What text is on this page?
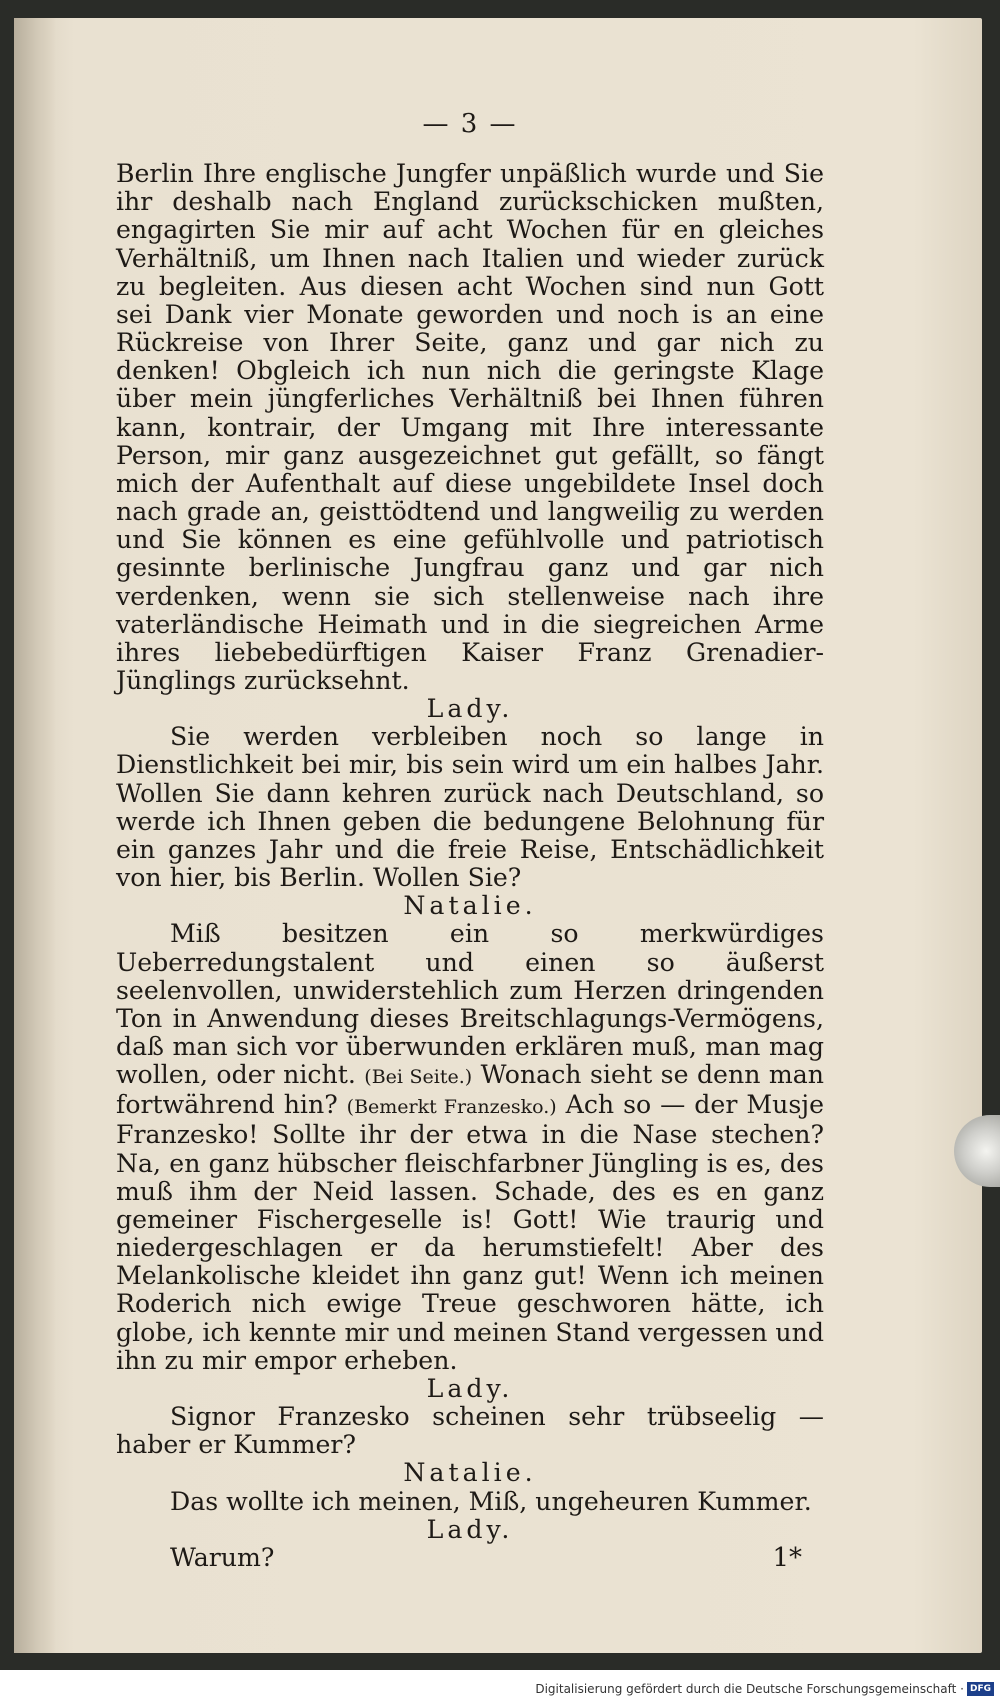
— 3 —
Berlin Ihre englische Jungfer unpäßlich wurde und Sie ihr deshalb nach England zurückschicken mußten, engagirten Sie mir auf acht Wochen für en gleiches Verhältniß, um Ihnen nach Italien und wieder zurück zu begleiten. Aus diesen acht Wochen sind nun Gott sei Dank vier Monate geworden und noch is an eine Rückreise von Ihrer Seite, ganz und gar nich zu denken! Obgleich ich nun nich die geringste Klage über mein jüngferliches Verhältniß bei Ihnen führen kann, kontrair, der Umgang mit Ihre interessante Person, mir ganz ausgezeichnet gut gefällt, so fängt mich der Aufenthalt auf diese ungebildete Insel doch nach grade an, geisttödtend und langweilig zu werden und Sie können es eine gefühlvolle und patriotisch gesinnte berlinische Jungfrau ganz und gar nich verdenken, wenn sie sich stellenweise nach ihre vaterländische Heimath und in die siegreichen Arme ihres liebebedürftigen Kaiser Franz Grenadier-Jünglings zurücksehnt.
Lady.
Sie werden verbleiben noch so lange in Dienstlichkeit bei mir, bis sein wird um ein halbes Jahr. Wollen Sie dann kehren zurück nach Deutschland, so werde ich Ihnen geben die bedungene Belohnung für ein ganzes Jahr und die freie Reise, Entschädlichkeit von hier, bis Berlin. Wollen Sie?
Natalie.
Miß besitzen ein so merkwürdiges Ueberredungstalent und einen so äußerst seelenvollen, unwiderstehlich zum Herzen dringenden Ton in Anwendung dieses Breitschlagungs-Vermögens, daß man sich vor überwunden erklären muß, man mag wollen, oder nicht. (Bei Seite.) Wonach sieht se denn man fortwährend hin? (Bemerkt Franzesko.) Ach so — der Musje Franzesko! Sollte ihr der etwa in die Nase stechen? Na, en ganz hübscher fleischfarbner Jüngling is es, des muß ihm der Neid lassen. Schade, des es en ganz gemeiner Fischergeselle is! Gott! Wie traurig und niedergeschlagen er da herumstiefelt! Aber des Melankolische kleidet ihn ganz gut! Wenn ich meinen Roderich nich ewige Treue geschworen hätte, ich globe, ich kennte mir und meinen Stand vergessen und ihn zu mir empor erheben.
Lady.
Signor Franzesko scheinen sehr trübseelig — haber er Kummer?
Natalie.
Das wollte ich meinen, Miß, ungeheuren Kummer.
Lady.
Warum?	1*
Digitalisierung gefördert durch die Deutsche Forschungsgemeinschaft · DFG
